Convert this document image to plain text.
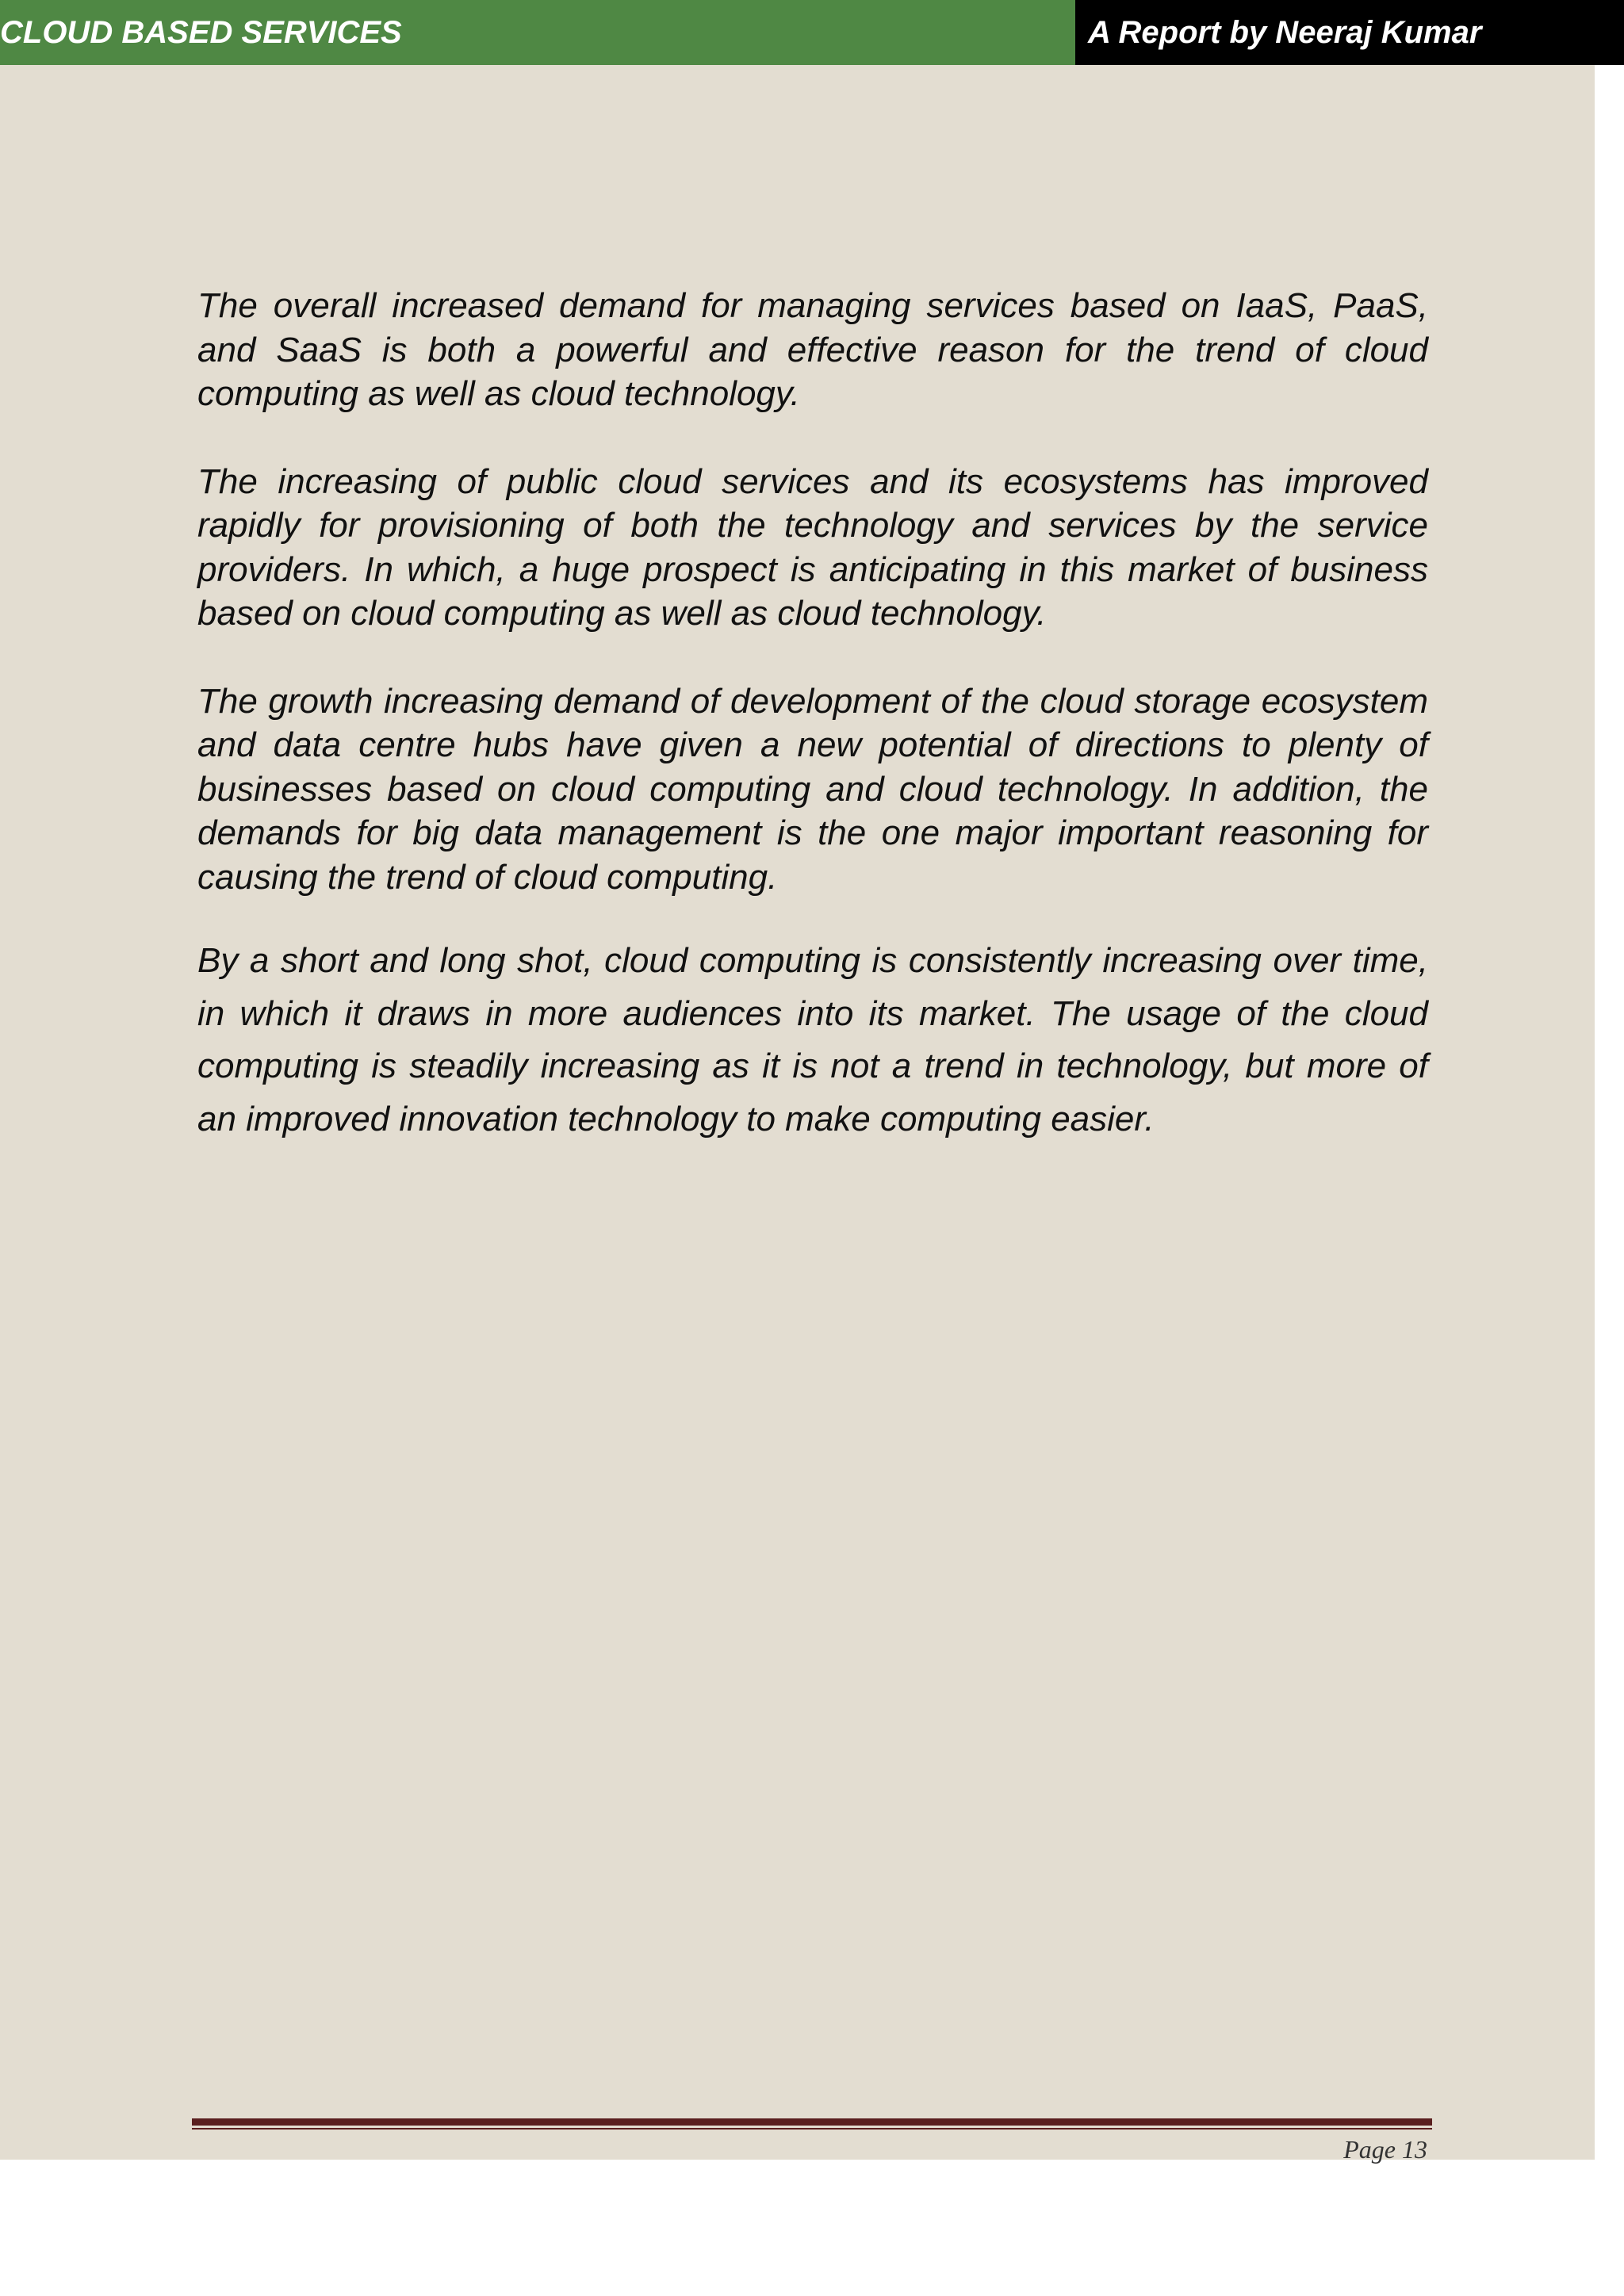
CLOUD BASED SERVICES	A Report by Neeraj Kumar

The overall increased demand for managing services based on IaaS, PaaS, and SaaS is both a powerful and effective reason for the trend of cloud computing as well as cloud technology.

The increasing of public cloud services and its ecosystems has improved rapidly for provisioning of both the technology and services by the service providers. In which, a huge prospect is anticipating in this market of business based on cloud computing as well as cloud technology.

The growth increasing demand of development of the cloud storage ecosystem and data centre hubs have given a new potential of directions to plenty of businesses based on cloud computing and cloud technology. In addition, the demands for big data management is the one major important reasoning for causing the trend of cloud computing.

By a short and long shot, cloud computing is consistently increasing over time, in which it draws in more audiences into its market. The usage of the cloud computing is steadily increasing as it is not a trend in technology, but more of an improved innovation technology to make computing easier.

Page 13
